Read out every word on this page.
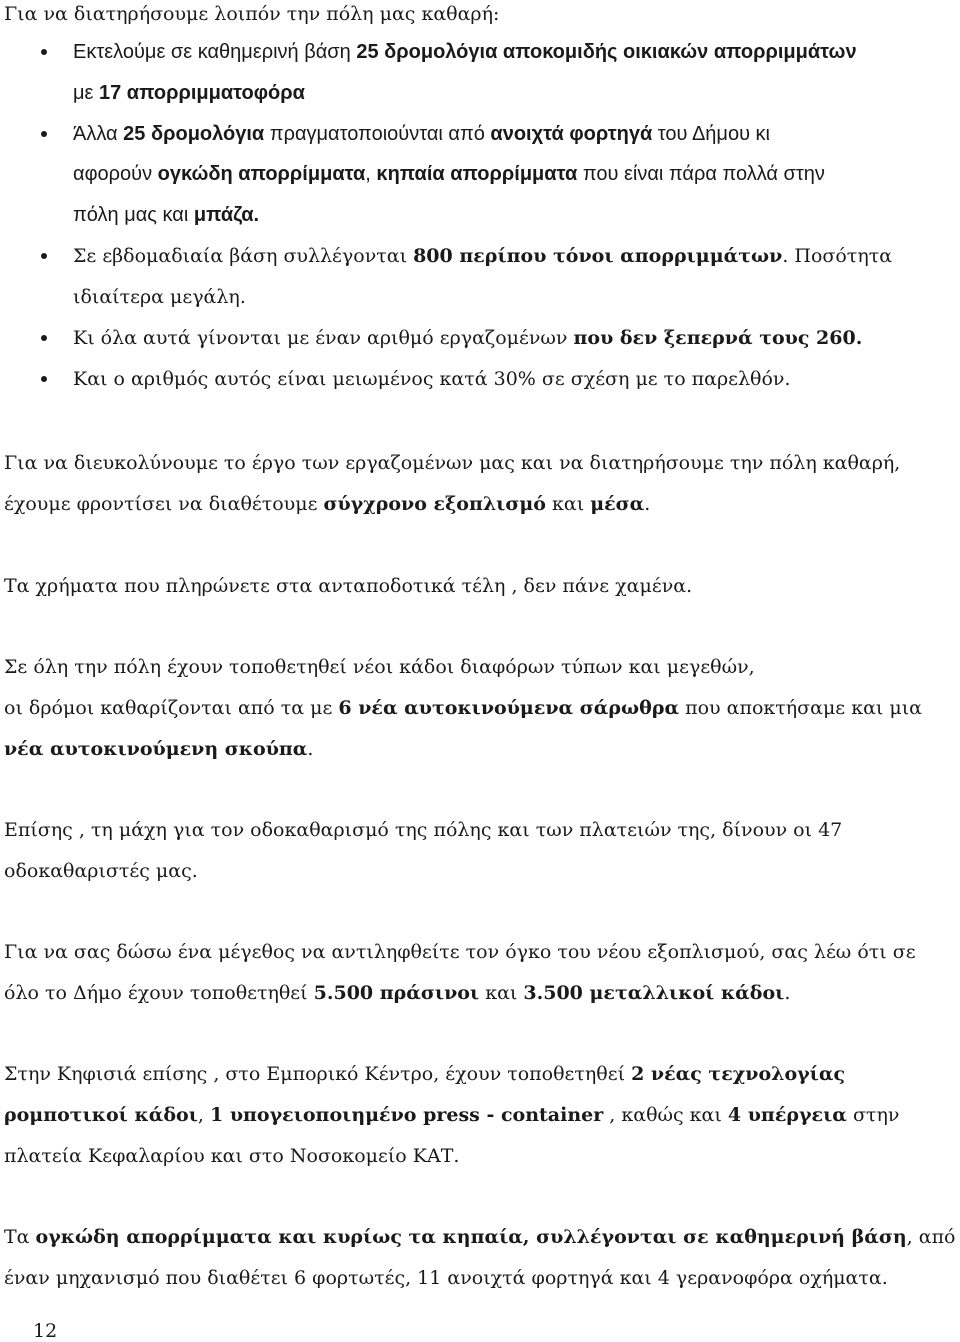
Για να διατηρήσουμε λοιπόν την πόλη μας καθαρή:
Εκτελούμε σε καθημερινή βάση 25 δρομολόγια αποκομιδής οικιακών απορριμμάτων
με 17 απορριμματοφόρα
Άλλα 25 δρομολόγια πραγματοποιούνται από ανοιχτά φορτηγά του Δήμου κι
αφορούν ογκώδη απορρίμματα, κηπαία απορρίμματα που είναι πάρα πολλά στην
πόλη μας και μπάζα.
Σε εβδομαδιαία βάση συλλέγονται 800 περίπου τόνοι απορριμμάτων. Ποσότητα
ιδιαίτερα μεγάλη.
Κι όλα αυτά γίνονται με έναν αριθμό εργαζομένων που δεν ξεπερνά τους 260.
Και ο αριθμός αυτός είναι μειωμένος κατά 30% σε σχέση με το παρελθόν.
Για να διευκολύνουμε το έργο των εργαζομένων μας και να διατηρήσουμε την πόλη καθαρή,
έχουμε φροντίσει να διαθέτουμε σύγχρονο εξοπλισμό και μέσα.
Τα χρήματα που πληρώνετε στα ανταποδοτικά τέλη , δεν πάνε χαμένα.
Σε όλη την πόλη έχουν τοποθετηθεί νέοι κάδοι διαφόρων τύπων και μεγεθών,
οι δρόμοι καθαρίζονται από τα με 6 νέα αυτοκινούμενα σάρωθρα που αποκτήσαμε και μια
νέα αυτοκινούμενη σκούπα.
Επίσης , τη μάχη για τον οδοκαθαρισμό της πόλης και των πλατειών της, δίνουν οι 47
οδοκαθαριστές μας.
Για να σας δώσω ένα μέγεθος να αντιληφθείτε τον όγκο του νέου εξοπλισμού, σας λέω ότι σε
όλο το Δήμο έχουν τοποθετηθεί 5.500 πράσινοι και 3.500 μεταλλικοί κάδοι.
Στην Κηφισιά επίσης , στο Εμπορικό Κέντρο, έχουν τοποθετηθεί 2 νέας τεχνολογίας
ρομποτικοί κάδοι, 1 υπογειοποιημένο press - container , καθώς και 4 υπέργεια στην
πλατεία Κεφαλαρίου και στο Νοσοκομείο ΚΑΤ.
Τα ογκώδη απορρίμματα και κυρίως τα κηπαία, συλλέγονται σε καθημερινή βάση, από
έναν μηχανισμό που διαθέτει 6 φορτωτές, 11 ανοιχτά φορτηγά και 4 γερανοφόρα οχήματα.
12
